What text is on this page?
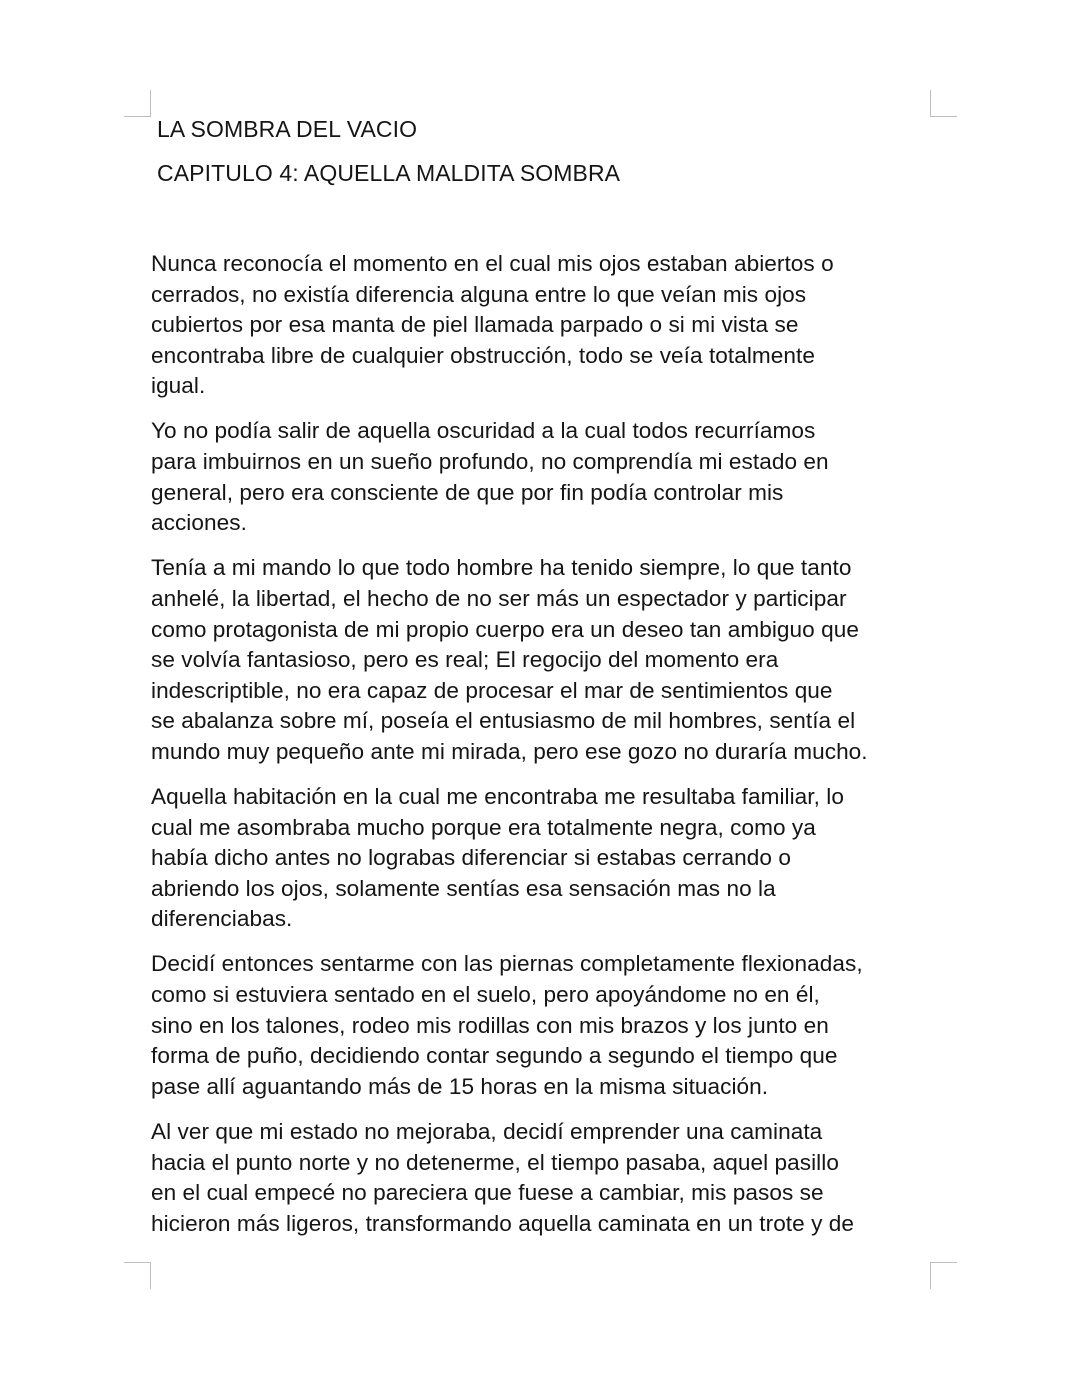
LA SOMBRA DEL VACIO
CAPITULO 4: AQUELLA MALDITA SOMBRA

Nunca reconocía el momento en el cual mis ojos estaban abiertos o
cerrados, no existía diferencia alguna entre lo que veían mis ojos
cubiertos por esa manta de piel llamada parpado o si mi vista se
encontraba libre de cualquier obstrucción, todo se veía totalmente
igual.

Yo no podía salir de aquella oscuridad a la cual todos recurríamos
para imbuirnos en un sueño profundo, no comprendía mi estado en
general, pero era consciente de que por fin podía controlar mis
acciones.

Tenía a mi mando lo que todo hombre ha tenido siempre, lo que tanto
anhelé, la libertad, el hecho de no ser más un espectador y participar
como protagonista de mi propio cuerpo era un deseo tan ambiguo que
se volvía fantasioso, pero es real; El regocijo del momento era
indescriptible, no era capaz de procesar el mar de sentimientos que
se abalanza sobre mí, poseía el entusiasmo de mil hombres, sentía el
mundo muy pequeño ante mi mirada, pero ese gozo no duraría mucho.

Aquella habitación en la cual me encontraba me resultaba familiar, lo
cual me asombraba mucho porque era totalmente negra, como ya
había dicho antes no lograbas diferenciar si estabas cerrando o
abriendo los ojos, solamente sentías esa sensación mas no la
diferenciabas.

Decidí entonces sentarme con las piernas completamente flexionadas,
como si estuviera sentado en el suelo, pero apoyándome no en él,
sino en los talones, rodeo mis rodillas con mis brazos y los junto en
forma de puño, decidiendo contar segundo a segundo el tiempo que
pase allí aguantando más de 15 horas en la misma situación.

Al ver que mi estado no mejoraba, decidí emprender una caminata
hacia el punto norte y no detenerme, el tiempo pasaba, aquel pasillo
en el cual empecé no pareciera que fuese a cambiar, mis pasos se
hicieron más ligeros, transformando aquella caminata en un trote y de
